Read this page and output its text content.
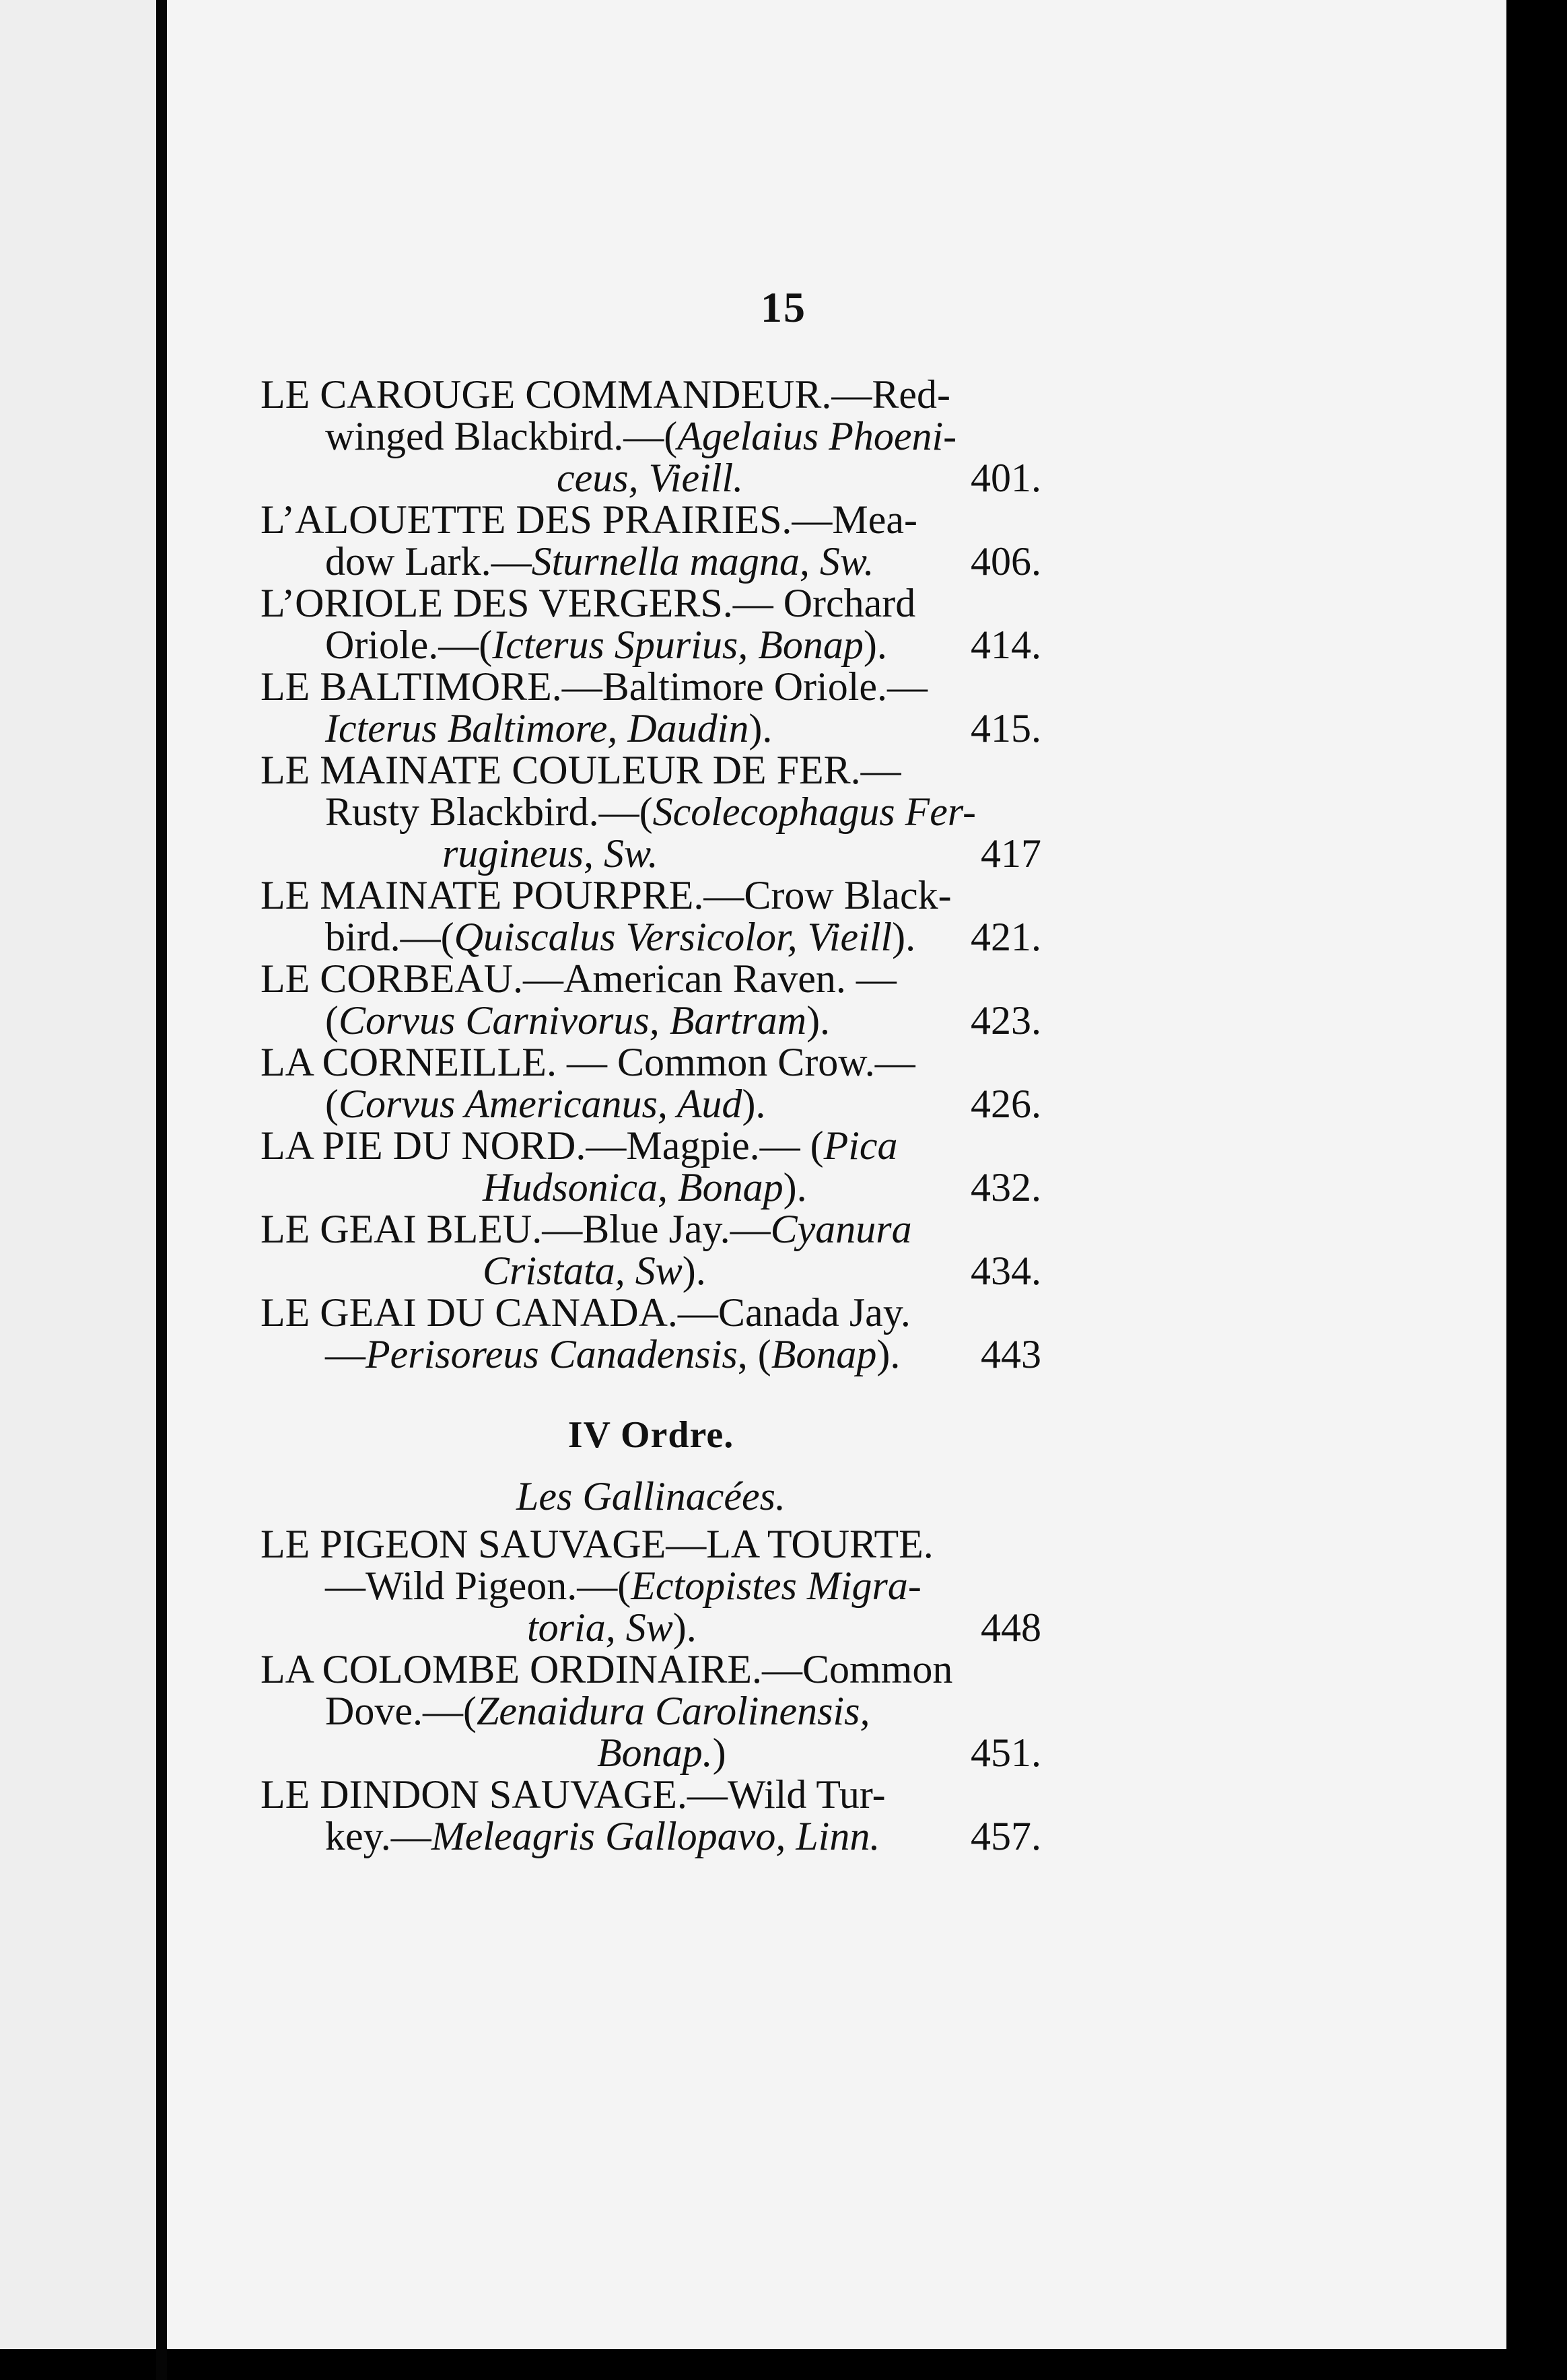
15
LE CAROUGE COMMANDEUR.—Red-
winged Blackbird.—(Agelaius Phoeni-
ceus, Vieill.	401.
L’ALOUETTE DES PRAIRIES.—Mea-
dow Lark.—Sturnella magna, Sw. 406.
L’ORIOLE DES VERGERS.— Orchard
Oriole.—(Icterus Spurius, Bonap). 414.
LE BALTIMORE.—Baltimore Oriole.—
Icterus Baltimore, Daudin).	415.
LE MAINATE COULEUR DE FER.—
Rusty Blackbird.—(Scolecophagus Fer-
rugineus, Sw.	417
LE MAINATE POURPRE.—Crow Black-
bird.—(Quiscalus Versicolor, Vieill). 421.
LE CORBEAU.—American Raven. —
(Corvus Carnivorus, Bartram).	423.
LA CORNEILLE. — Common Crow.—
(Corvus Americanus, Aud).	426.
LA PIE DU NORD.—Magpie.— (Pica
Hudsonica, Bonap).	432.
LE GEAI BLEU.—Blue Jay.—Cyanura
Cristata, Sw).	434.
LE GEAI DU CANADA.—Canada Jay.
—Perisoreus Canadensis, (Bonap). 443
IV Ordre.
Les Gallinacées.
LE PIGEON SAUVAGE—LA TOURTE.
—Wild Pigeon.—(Ectopistes Migra-
toria, Sw).	448
LA COLOMBE ORDINAIRE.—Common
Dove.—(Zenaidura Carolinensis,
Bonap.)	451.
LE DINDON SAUVAGE.—Wild Tur-
key.—Meleagris Gallopavo, Linn. 457.
